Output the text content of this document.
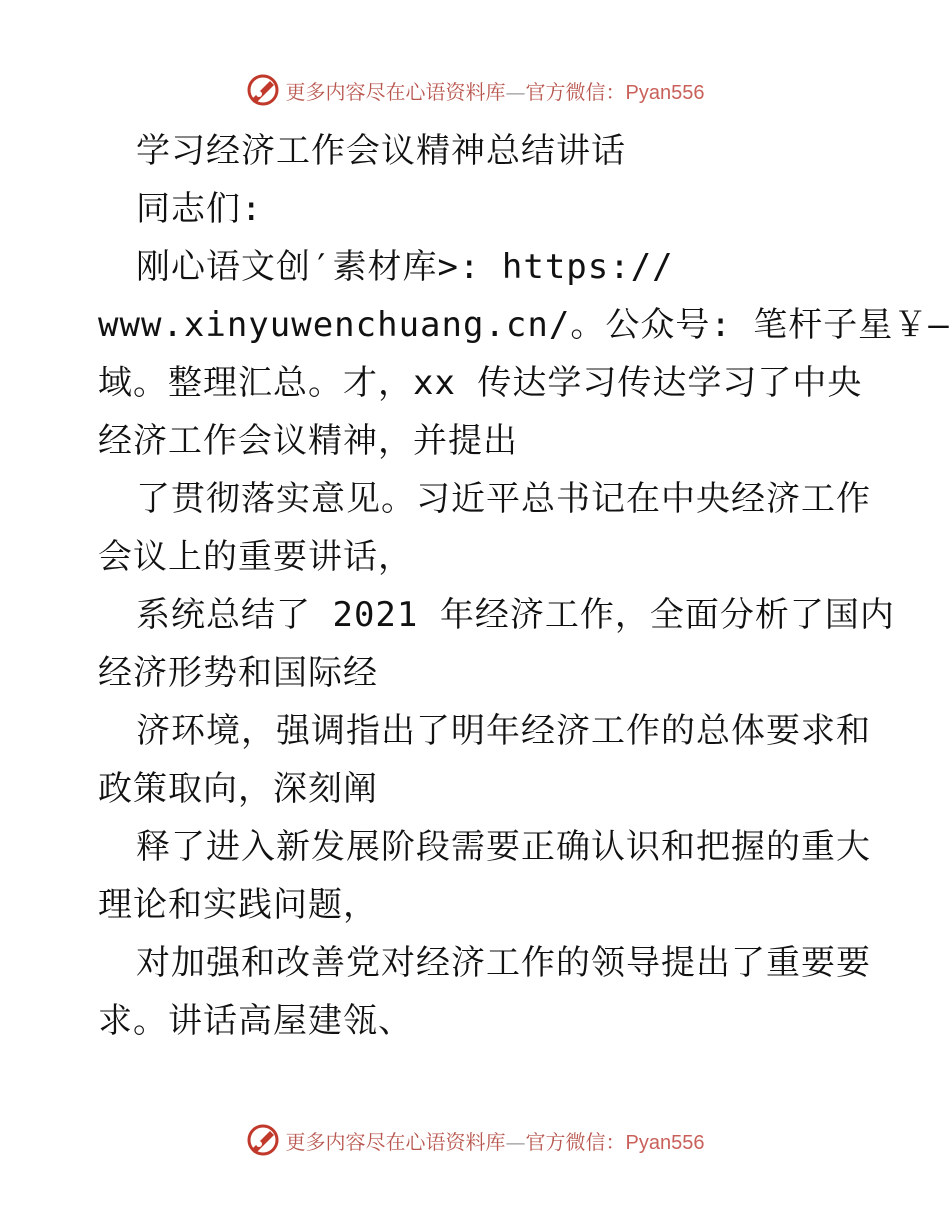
更多内容尽在心语资料库—官方微信：Pyan556
学习经济工作会议精神总结讲话
同志们:
刚心语文创′素材库>: https://
www.xinyuwenchuang.cn/。公众号: 笔杆子星￥—
域。整理汇总。才，xx 传达学习传达学习了中央
经济工作会议精神，并提出
了贯彻落实意见。习近平总书记在中央经济工作
会议上的重要讲话，
系统总结了 2021 年经济工作，全面分析了国内
经济形势和国际经
济环境，强调指出了明年经济工作的总体要求和
政策取向，深刻阐
释了进入新发展阶段需要正确认识和把握的重大
理论和实践问题，
对加强和改善党对经济工作的领导提出了重要要
求。讲话高屋建瓴、
更多内容尽在心语资料库—官方微信：Pyan556
